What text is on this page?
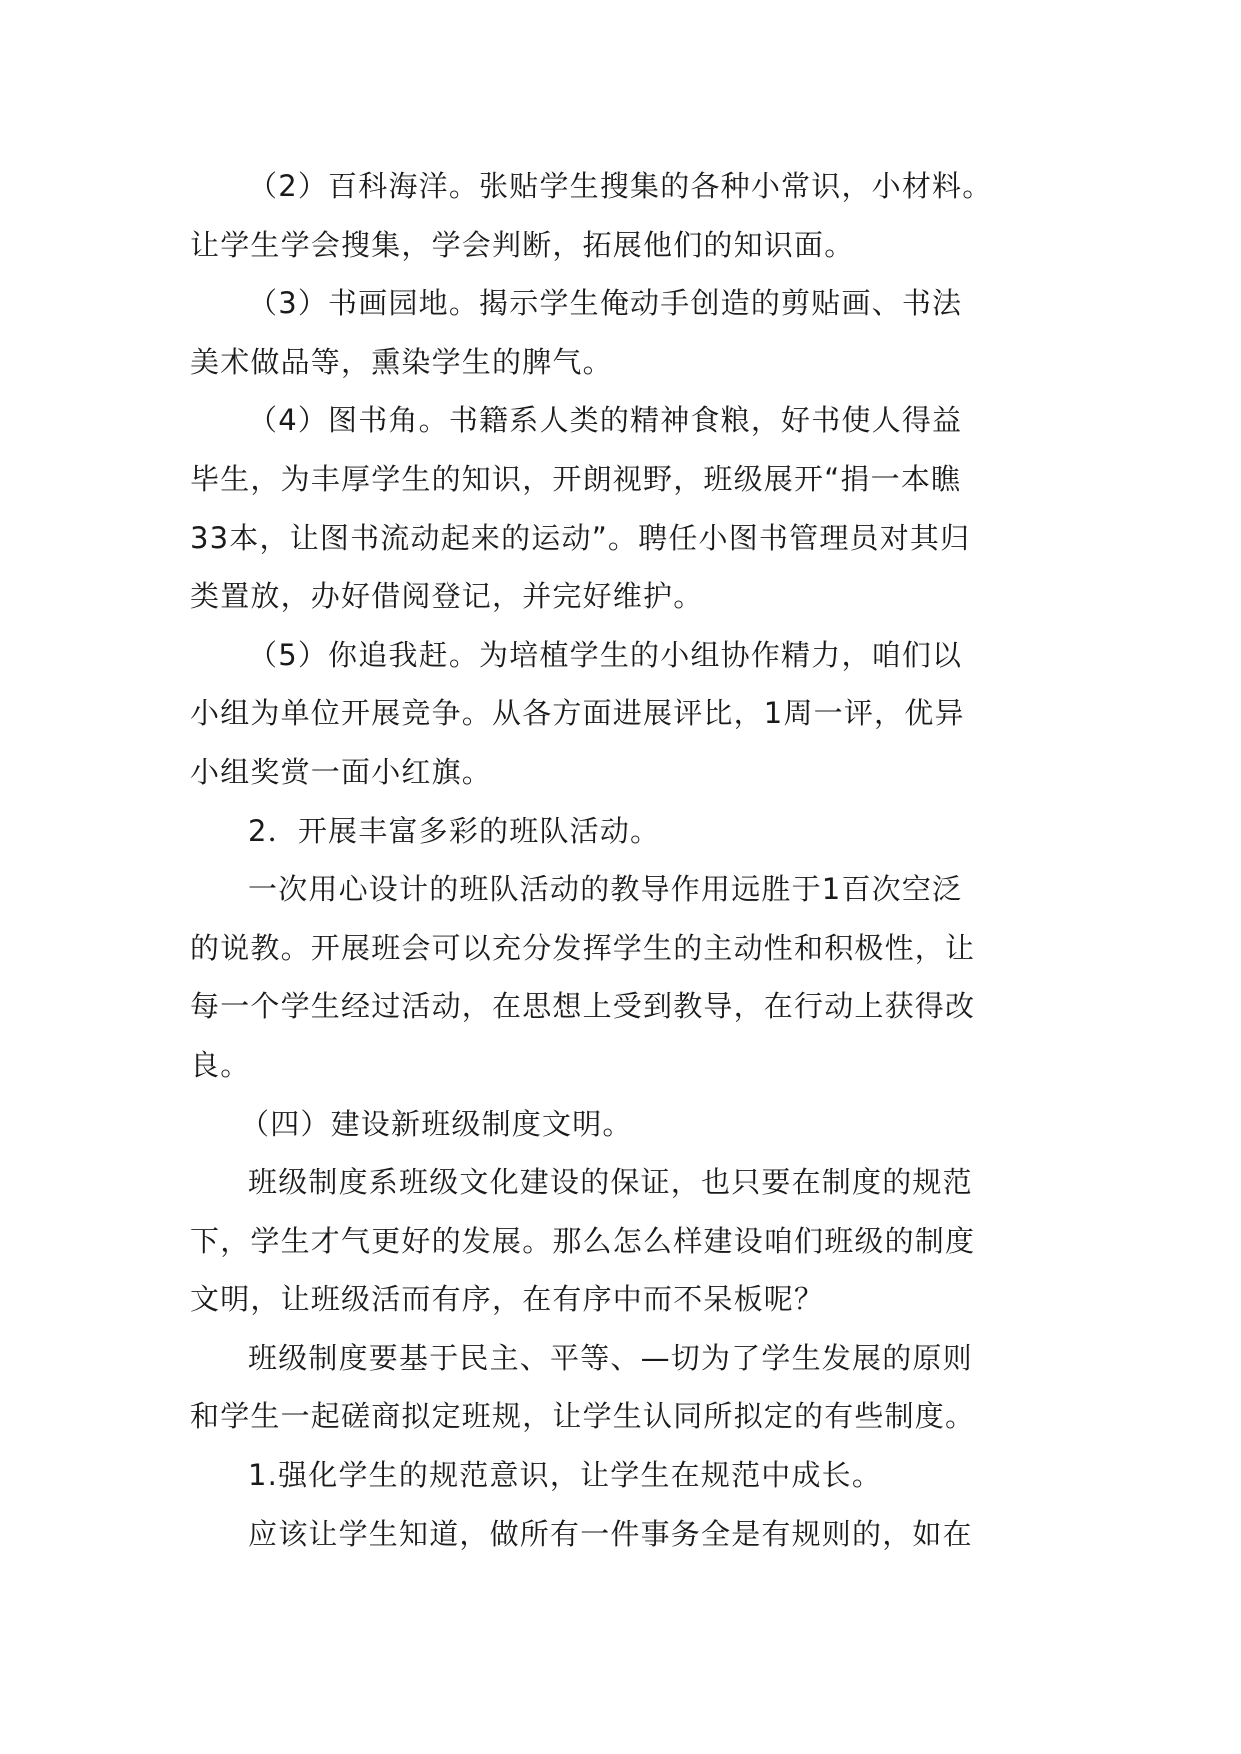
（2）百科海洋。张贴学生搜集的各种小常识，小材料。

让学生学会搜集，学会判断，拓展他们的知识面。

（3）书画园地。揭示学生俺动手创造的剪贴画、书法

美术做品等，熏染学生的脾气。

（4）图书角。书籍系人类的精神食粮，好书使人得益

毕生，为丰厚学生的知识，开朗视野，班级展开“捐一本瞧

33本，让图书流动起来的运动”。聘任小图书管理员对其归

类置放，办好借阅登记，并完好维护。

（5）你追我赶。为培植学生的小组协作精力，咱们以

小组为单位开展竞争。从各方面进展评比，1周一评，优异

小组奖赏一面小红旗。

2．开展丰富多彩的班队活动。

一次用心设计的班队活动的教导作用远胜于1百次空泛

的说教。开展班会可以充分发挥学生的主动性和积极性，让

每一个学生经过活动，在思想上受到教导，在行动上获得改

良。

（四）建设新班级制度文明。

班级制度系班级文化建设的保证，也只要在制度的规范

下，学生才气更好的发展。那么怎么样建设咱们班级的制度

文明，让班级活而有序，在有序中而不呆板呢？

班级制度要基于民主、平等、—切为了学生发展的原则

和学生一起磋商拟定班规，让学生认同所拟定的有些制度。

1.强化学生的规范意识，让学生在规范中成长。

应该让学生知道，做所有一件事务全是有规则的，如在
